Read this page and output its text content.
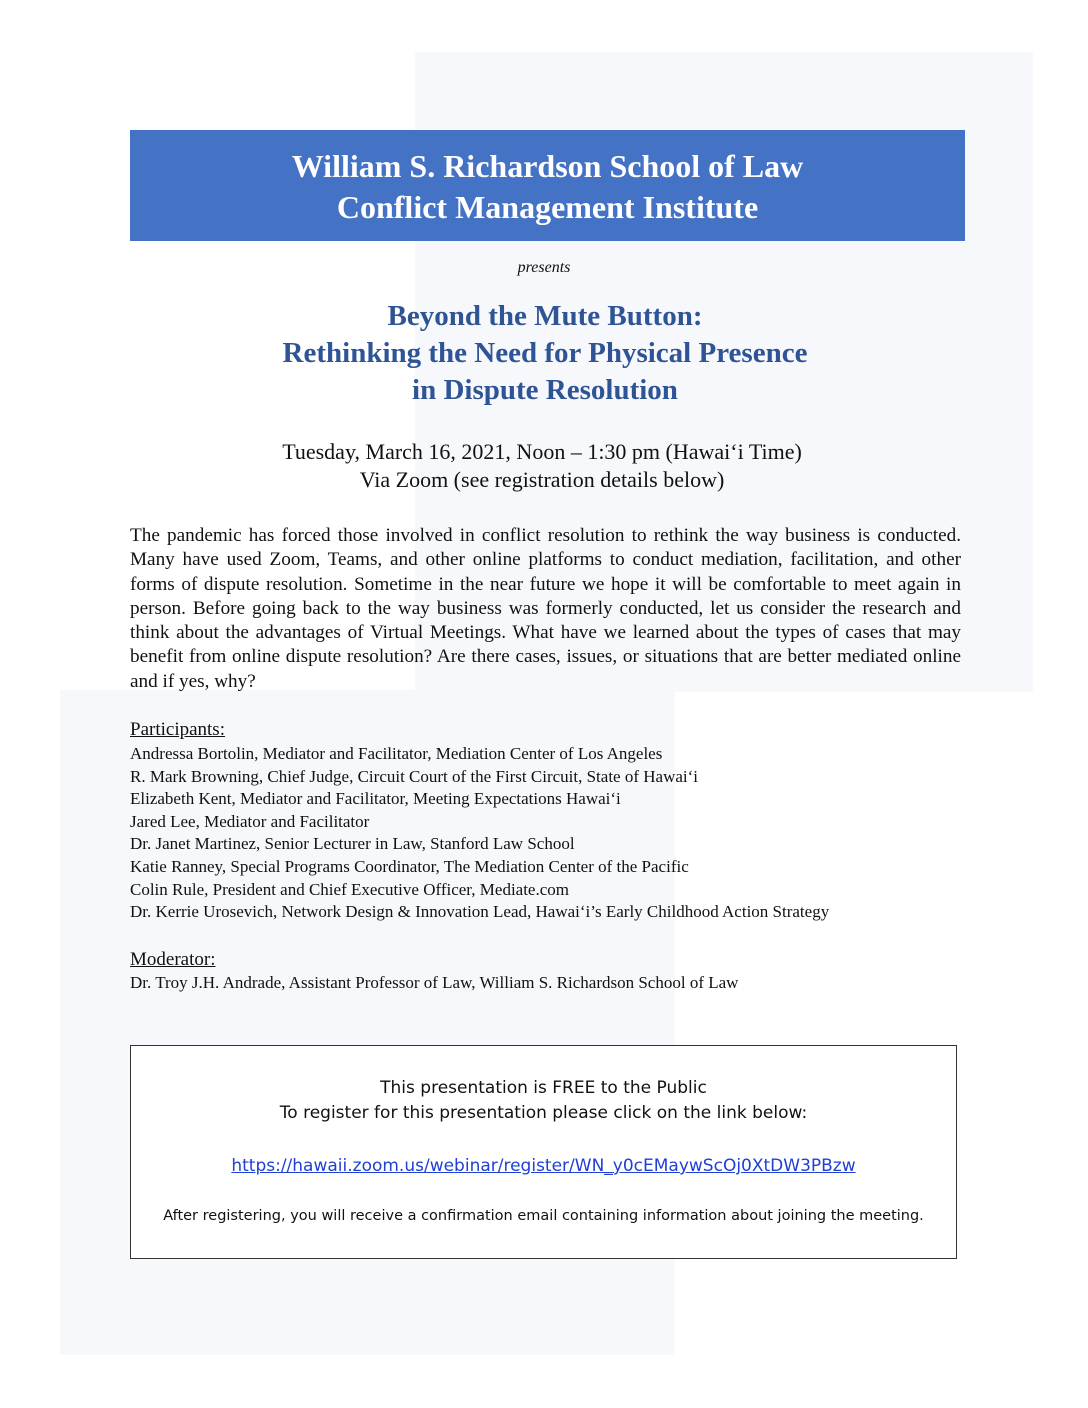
William S. Richardson School of Law
Conflict Management Institute
presents
Beyond the Mute Button:
Rethinking the Need for Physical Presence
in Dispute Resolution
Tuesday, March 16, 2021, Noon – 1:30 pm (Hawai‘i Time)
Via Zoom (see registration details below)
The pandemic has forced those involved in conflict resolution to rethink the way business is conducted. Many have used Zoom, Teams, and other online platforms to conduct mediation, facilitation, and other forms of dispute resolution. Sometime in the near future we hope it will be comfortable to meet again in person. Before going back to the way business was formerly conducted, let us consider the research and think about the advantages of Virtual Meetings. What have we learned about the types of cases that may benefit from online dispute resolution? Are there cases, issues, or situations that are better mediated online and if yes, why?
Participants:
Andressa Bortolin, Mediator and Facilitator, Mediation Center of Los Angeles
R. Mark Browning, Chief Judge, Circuit Court of the First Circuit, State of Hawai‘i
Elizabeth Kent, Mediator and Facilitator, Meeting Expectations Hawai‘i
Jared Lee, Mediator and Facilitator
Dr. Janet Martinez, Senior Lecturer in Law, Stanford Law School
Katie Ranney, Special Programs Coordinator, The Mediation Center of the Pacific
Colin Rule, President and Chief Executive Officer, Mediate.com
Dr. Kerrie Urosevich, Network Design & Innovation Lead, Hawai‘i’s Early Childhood Action Strategy
Moderator:
Dr. Troy J.H. Andrade, Assistant Professor of Law, William S. Richardson School of Law
This presentation is FREE to the Public
To register for this presentation please click on the link below:
https://hawaii.zoom.us/webinar/register/WN_y0cEMaywScOj0XtDW3PBzw
After registering, you will receive a confirmation email containing information about joining the meeting.
